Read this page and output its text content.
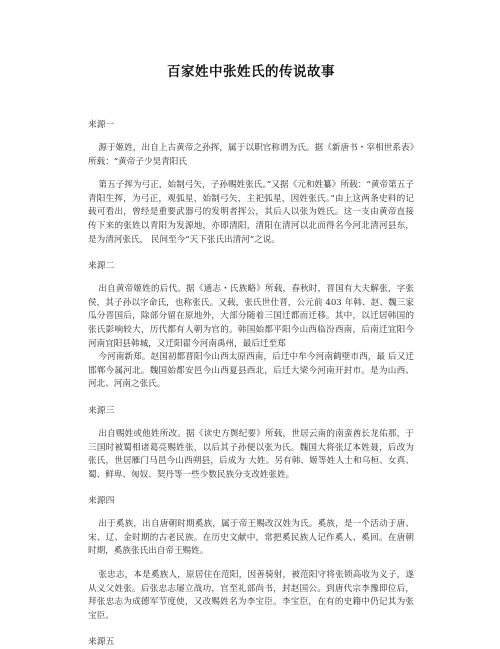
百家姓中张姓氏的传说故事

来源一

源于姬姓，出自上古黄帝之孙挥，属于以职官称谓为氏。据《新唐书・宰相世系表》所载：“黄帝子少昊青阳氏

第五子挥为弓正，始制弓矢，子孙赐姓张氏。”又据《元和姓纂》所载：“黄帝第五子青阳生挥，为弓正，观弧星，始制弓矢，主祀弧星，因姓张氏。”由上这两条史料的记载可看出，曾经是重要武器弓的发明者挥公，其后人以张为姓氏。这一支由黄帝直接传下来的张姓以青阳为发源地，亦即清阳，清阳在清河以北而得名今河北清河县东，是为清河张氏， 民间至今“天下张氏出清河”之说。

来源二

出自黄帝姬姓的后代。据《通志・氏族略》所载，春秋时，晋国有大夫解张，字张侯，其子孙以字命氏，也称张氏。又载，张氏世仕晋，公元前 403 年韩、赵、魏三家瓜分晋国后，除部分留在原地外，大部分随着三国迁都而迁移。其中，以迁居韩国的张氏影响较大，历代都有人朝为官的。韩国始都平阳今山西临汾西南，后南迁宜阳今河南宜阳县韩城，又迁阳翟今河南禹州，最后迁至郑

今河南新郑。赵国初都晋阳今山西太原西南，后迁中牟今河南鹤壁市西，最 后又迁邯郸今属河北。魏国始都安邑今山西夏县西北，后迁大梁今河南开封市。是为山西、河北、河南之张氏。

来源三

出自赐姓或他姓所改。据《读史方舆纪要》所载，世居云南的南蛮酋长龙佑那，于三国时被蜀相诸葛亮赐姓张，以后其子孙便以张为氏。魏国大将张辽本姓聂，后改为张氏，世居雁门马邑今山西朔县，后成为 大姓。另有韩、姬等姓人士和乌桓、女真、蜀、鲜卑、匈奴、契丹等一些少数民族分支改姓张姓。

来源四

出于奚族，出自唐朝时期奚族，属于帝王赐改汉姓为氏。奚族，是一个活动于唐、宋、辽、金时期的古老民族。在历史文献中，常把奚民族人记作奚人、奚回。在唐朝时期，奚族张氏出自帝王赐姓。

张忠志，本是奚族人，原居住在范阳，因善骑射，被范阳守将张锁高收为义子，遂从义父姓张。后张忠志屡立战功，官至礼部尚书，封赵国公。到唐代宗李豫即位后，拜张忠志为成德军节度使，又改赐姓名为李宝臣。李宝臣，在有的史籍中仍记其为张宝臣。

来源五
